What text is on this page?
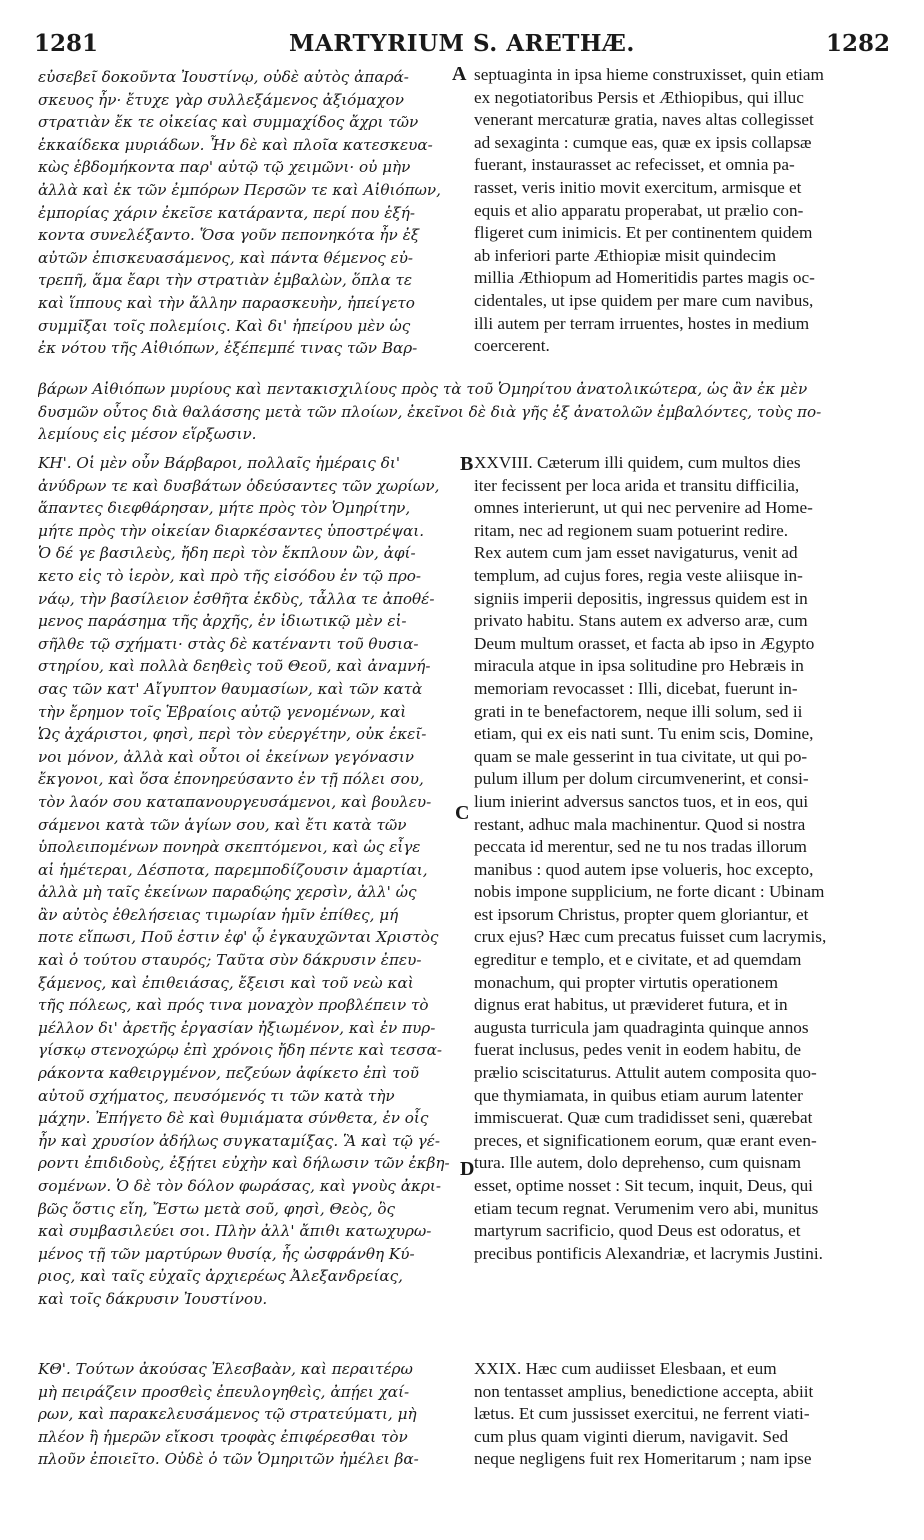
1281	MARTYRIUM S. ARETHÆ.	1282
A
B
C
D
εὐσεβεῖ δοκοῦντα Ἰουστίνῳ, οὐδὲ αὐτὸς ἀπαρά-
σκευος ἦν· ἔτυχε γὰρ συλλεξάμενος ἀξιόμαχον
στρατιὰν ἔκ τε οἰκείας καὶ συμμαχίδος ἄχρι τῶν
ἑκκαίδεκα μυριάδων. Ἦν δὲ καὶ πλοῖα κατεσκευα-
κὼς ἑβδομήκοντα παρ' αὐτῷ τῷ χειμῶνι· οὐ μὴν
ἀλλὰ καὶ ἐκ τῶν ἐμπόρων Περσῶν τε καὶ Αἰθιόπων,
ἐμπορίας χάριν ἐκεῖσε κατάραντα, περί που ἑξή-
κοντα συνελέξαντο. Ὅσα γοῦν πεπονηκότα ἦν ἐξ
αὐτῶν ἐπισκευασάμενος, καὶ πάντα θέμενος εὐ-
τρεπῆ, ἅμα ἔαρι τὴν στρατιὰν ἐμβαλὼν, ὅπλα τε
καὶ ἵππους καὶ τὴν ἄλλην παρασκευὴν, ἠπείγετο
συμμῖξαι τοῖς πολεμίοις. Καὶ δι' ἠπείρου μὲν ὡς
ἐκ νότου τῆς Αἰθιόπων, ἐξέπεμπέ τινας τῶν Βαρ-
septuaginta in ipsa hieme construxisset, quin etiam
ex negotiatoribus Persis et Æthiopibus, qui illuc
venerant mercaturæ gratia, naves altas collegisset
ad sexaginta : cumque eas, quæ ex ipsis collapsæ
fuerant, instaurasset ac refecisset, et omnia pa-
rasset, veris initio movit exercitum, armisque et
equis et alio apparatu properabat, ut prælio con-
fligeret cum inimicis. Et per continentem quidem
ab inferiori parte Æthiopiæ misit quindecim
millia Æthiopum ad Homeritidis partes magis oc-
cidentales, ut ipse quidem per mare cum navibus,
illi autem per terram irruentes, hostes in medium
coercerent.
βάρων Αἰθιόπων μυρίους καὶ πεντακισχιλίους πρὸς τὰ τοῦ Ὁμηρίτου ἀνατολικώτερα, ὡς ἂν ἐκ μὲν
δυσμῶν οὗτος διὰ θαλάσσης μετὰ τῶν πλοίων, ἐκεῖνοι δὲ διὰ γῆς ἐξ ἀνατολῶν ἐμβαλόντες, τοὺς πο-
λεμίους εἰς μέσον εἵρξωσιν.
ΚΗ'. Οἱ μὲν οὖν Βάρβαροι, πολλαῖς ἡμέραις δι'
ἀνύδρων τε καὶ δυσβάτων ὁδεύσαντες τῶν χωρίων,
ἅπαντες διεφθάρησαν, μήτε πρὸς τὸν Ὁμηρίτην,
μήτε πρὸς τὴν οἰκείαν διαρκέσαντες ὑποστρέψαι.
Ὁ δέ γε βασιλεὺς, ἤδη περὶ τὸν ἔκπλουν ὢν, ἀφί-
κετο εἰς τὸ ἱερὸν, καὶ πρὸ τῆς εἰσόδου ἐν τῷ προ-
νάῳ, τὴν βασίλειον ἐσθῆτα ἐκδὺς, τἆλλα τε ἀποθέ-
μενος παράσημα τῆς ἀρχῆς, ἐν ἰδιωτικῷ μὲν εἰ-
σῆλθε τῷ σχήματι· στὰς δὲ κατέναντι τοῦ θυσια-
στηρίου, καὶ πολλὰ δεηθεὶς τοῦ Θεοῦ, καὶ ἀναμνή-
σας τῶν κατ' Αἴγυπτον θαυμασίων, καὶ τῶν κατὰ
τὴν ἔρημον τοῖς Ἑβραίοις αὐτῷ γενομένων, καὶ
Ὡς ἀχάριστοι, φησὶ, περὶ τὸν εὐεργέτην, οὐκ ἐκεῖ-
νοι μόνον, ἀλλὰ καὶ οὗτοι οἱ ἐκείνων γεγόνασιν
ἔκγονοι, καὶ ὅσα ἐπονηρεύσαντο ἐν τῇ πόλει σου,
τὸν λαόν σου καταπανουργευσάμενοι, καὶ βουλευ-
σάμενοι κατὰ τῶν ἁγίων σου, καὶ ἔτι κατὰ τῶν
ὑπολειπομένων πονηρὰ σκεπτόμενοι, καὶ ὡς εἶγε
αἱ ἡμέτεραι, Δέσποτα, παρεμποδίζουσιν ἁμαρτίαι,
ἀλλὰ μὴ ταῖς ἐκείνων παραδῴης χερσὶν, ἀλλ' ὡς
ἂν αὐτὸς ἐθελήσειας τιμωρίαν ἡμῖν ἐπίθες, μή
ποτε εἴπωσι, Ποῦ ἐστιν ἐφ' ᾧ ἐγκαυχῶνται Χριστὸς
καὶ ὁ τούτου σταυρός; Ταῦτα σὺν δάκρυσιν ἐπευ-
ξάμενος, καὶ ἐπιθειάσας, ἔξεισι καὶ τοῦ νεὼ καὶ
τῆς πόλεως, καὶ πρός τινα μοναχὸν προβλέπειν τὸ
μέλλον δι' ἀρετῆς ἐργασίαν ἠξιωμένον, καὶ ἐν πυρ-
γίσκῳ στενοχώρῳ ἐπὶ χρόνοις ἤδη πέντε καὶ τεσσα-
ράκοντα καθειργμένον, πεζεύων ἀφίκετο ἐπὶ τοῦ
αὐτοῦ σχήματος, πευσόμενός τι τῶν κατὰ τὴν
μάχην. Ἐπήγετο δὲ καὶ θυμιάματα σύνθετα, ἐν οἷς
ἦν καὶ χρυσίον ἀδήλως συγκαταμίξας. Ἃ καὶ τῷ γέ-
ροντι ἐπιδιδοὺς, ἐξῄτει εὐχὴν καὶ δήλωσιν τῶν ἐκβη-
σομένων. Ὁ δὲ τὸν δόλον φωράσας, καὶ γνοὺς ἀκρι-
βῶς ὅστις εἴη, Ἔστω μετὰ σοῦ, φησὶ, Θεὸς, ὃς
καὶ συμβασιλεύει σοι. Πλὴν ἀλλ' ἄπιθι κατωχυρω-
μένος τῇ τῶν μαρτύρων θυσίᾳ, ἧς ὠσφράνθη Κύ-
ριος, καὶ ταῖς εὐχαῖς ἀρχιερέως Ἀλεξανδρείας,
καὶ τοῖς δάκρυσιν Ἰουστίνου.
XXVIII. Cæterum illi quidem, cum multos dies
iter fecissent per loca arida et transitu difficilia,
omnes interierunt, ut qui nec pervenire ad Home-
ritam, nec ad regionem suam potuerint redire.
Rex autem cum jam esset navigaturus, venit ad
templum, ad cujus fores, regia veste aliisque in-
signiis imperii depositis, ingressus quidem est in
privato habitu. Stans autem ex adverso aræ, cum
Deum multum orasset, et facta ab ipso in Ægypto
miracula atque in ipsa solitudine pro Hebræis in
memoriam revocasset : Illi, dicebat, fuerunt in-
grati in te benefactorem, neque illi solum, sed ii
etiam, qui ex eis nati sunt. Tu enim scis, Domine,
quam se male gesserint in tua civitate, ut qui po-
pulum illum per dolum circumvenerint, et consi-
lium inierint adversus sanctos tuos, et in eos, qui
restant, adhuc mala machinentur. Quod si nostra
peccata id merentur, sed ne tu nos tradas illorum
manibus : quod autem ipse volueris, hoc excepto,
nobis impone supplicium, ne forte dicant : Ubinam
est ipsorum Christus, propter quem gloriantur, et
crux ejus? Hæc cum precatus fuisset cum lacrymis,
egreditur e templo, et e civitate, et ad quemdam
monachum, qui propter virtutis operationem
dignus erat habitus, ut prævideret futura, et in
augusta turricula jam quadraginta quinque annos
fuerat inclusus, pedes venit in eodem habitu, de
prælio sciscitaturus. Attulit autem composita quo-
que thymiamata, in quibus etiam aurum latenter
immiscuerat. Quæ cum tradidisset seni, quærebat
preces, et significationem eorum, quæ erant even-
tura. Ille autem, dolo deprehenso, cum quisnam
esset, optime nosset : Sit tecum, inquit, Deus, qui
etiam tecum regnat. Verumenim vero abi, munitus
martyrum sacrificio, quod Deus est odoratus, et
precibus pontificis Alexandriæ, et lacrymis Justini.
ΚΘ'. Τούτων ἀκούσας Ἐλεσβαὰν, καὶ περαιτέρω
μὴ πειράζειν προσθεὶς ἐπευλογηθεὶς, ἀπῄει χαί-
ρων, καὶ παρακελευσάμενος τῷ στρατεύματι, μὴ
πλέον ἢ ἡμερῶν εἴκοσι τροφὰς ἐπιφέρεσθαι τὸν
πλοῦν ἐποιεῖτο. Οὐδὲ ὁ τῶν Ὁμηριτῶν ἠμέλει βα-
XXIX. Hæc cum audiisset Elesbaan, et eum
non tentasset amplius, benedictione accepta, abiit
lætus. Et cum jussisset exercitui, ne ferrent viati-
cum plus quam viginti dierum, navigavit. Sed
neque negligens fuit rex Homeritarum ; nam ipse
